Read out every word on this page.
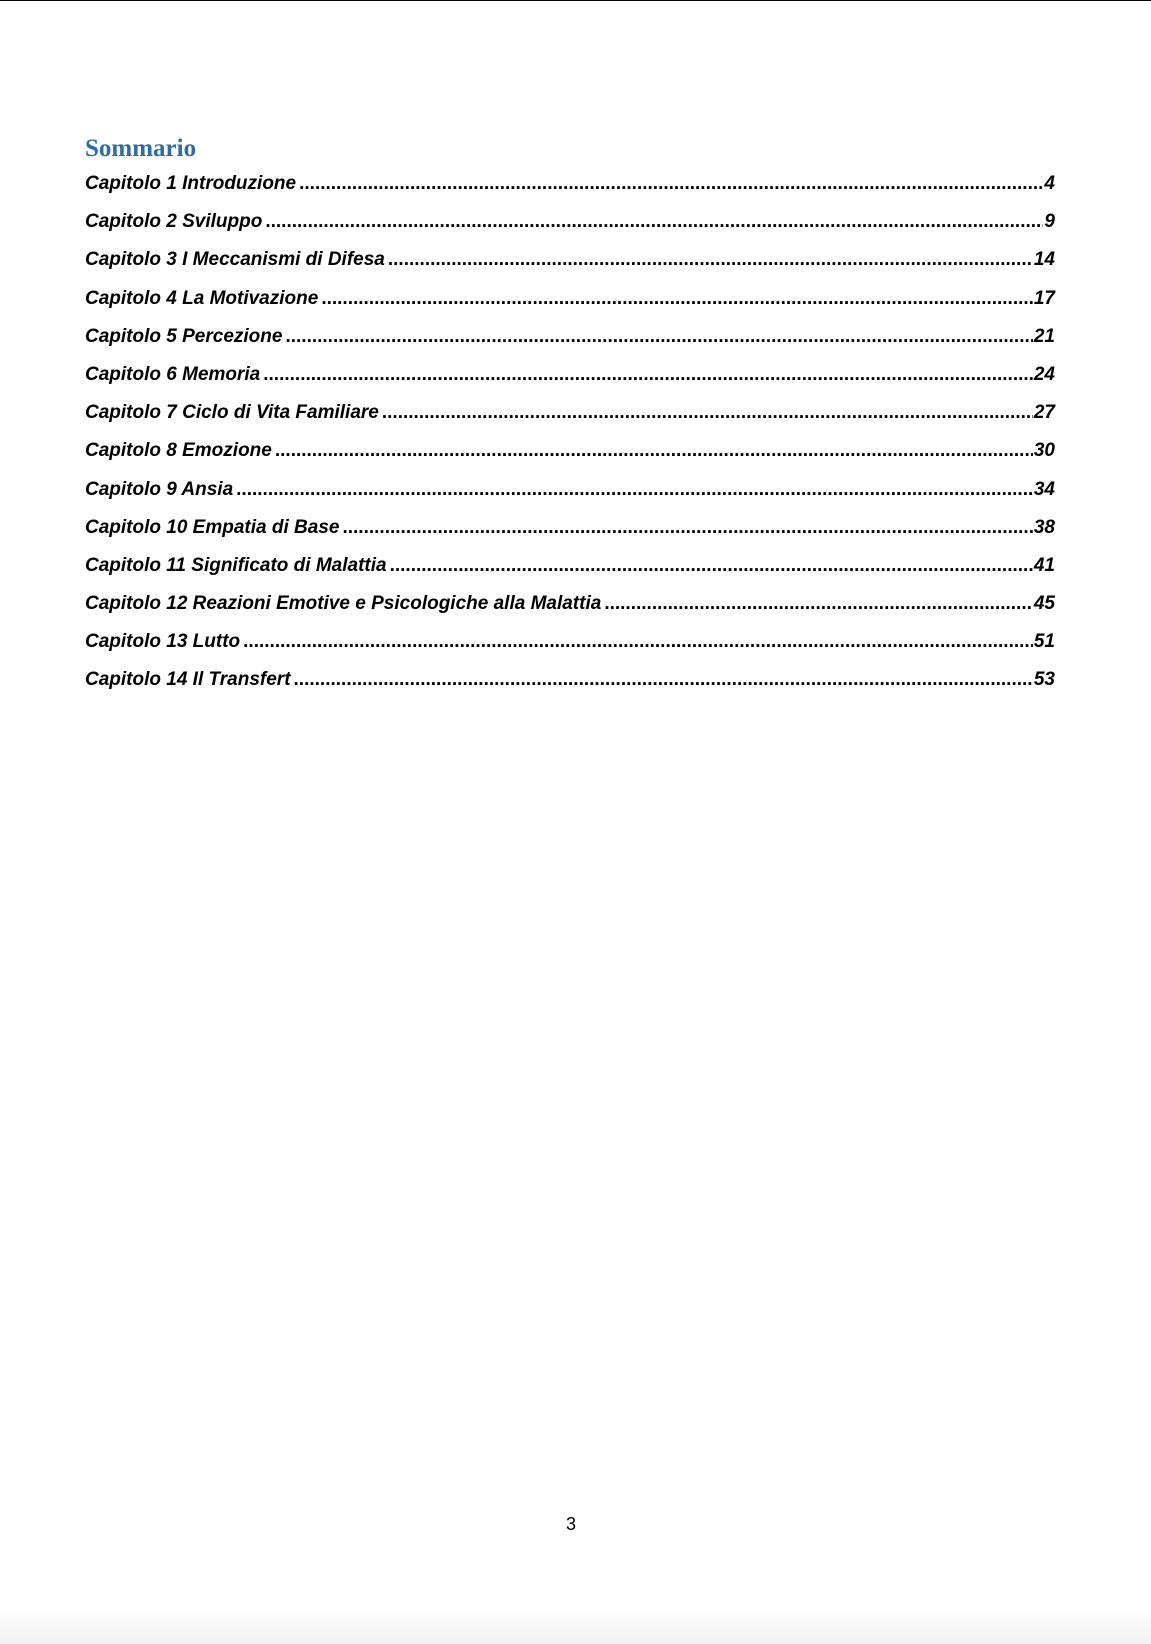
Sommario
Capitolo 1 Introduzione .....	4
Capitolo 2 Sviluppo .....	9
Capitolo 3 I Meccanismi di Difesa .....	14
Capitolo 4 La Motivazione .....	17
Capitolo 5 Percezione .....	21
Capitolo 6 Memoria .....	24
Capitolo 7 Ciclo di Vita Familiare .....	27
Capitolo 8 Emozione .....	30
Capitolo 9 Ansia .....	34
Capitolo 10 Empatia di Base .....	38
Capitolo 11 Significato di Malattia .....	41
Capitolo 12 Reazioni Emotive e Psicologiche alla Malattia .....	45
Capitolo 13 Lutto .....	51
Capitolo 14 Il Transfert .....	53
3
